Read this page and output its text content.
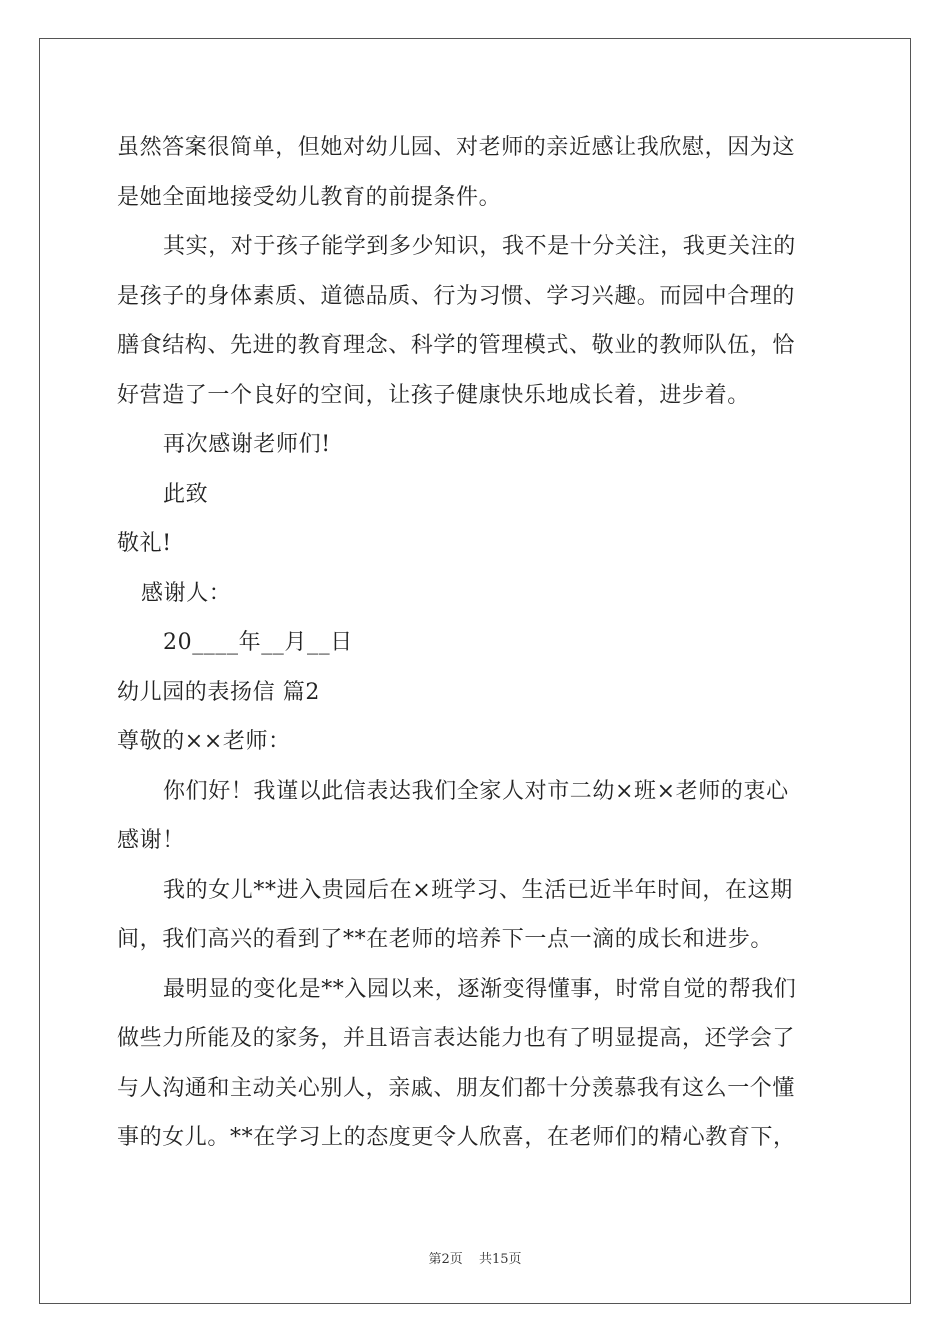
虽然答案很简单，但她对幼儿园、对老师的亲近感让我欣慰，因为这
是她全面地接受幼儿教育的前提条件。
其实，对于孩子能学到多少知识，我不是十分关注，我更关注的
是孩子的身体素质、道德品质、行为习惯、学习兴趣。而园中合理的
膳食结构、先进的教育理念、科学的管理模式、敬业的教师队伍，恰
好营造了一个良好的空间，让孩子健康快乐地成长着，进步着。
再次感谢老师们!
此致
敬礼!
感谢人：
20____年__月__日
幼儿园的表扬信 篇2
尊敬的××老师：
你们好！我谨以此信表达我们全家人对市二幼×班×老师的衷心
感谢！
我的女儿**进入贵园后在×班学习、生活已近半年时间，在这期
间，我们高兴的看到了**在老师的培养下一点一滴的成长和进步。
最明显的变化是**入园以来，逐渐变得懂事，时常自觉的帮我们
做些力所能及的家务，并且语言表达能力也有了明显提高，还学会了
与人沟通和主动关心别人，亲戚、朋友们都十分羡慕我有这么一个懂
事的女儿。**在学习上的态度更令人欣喜，在老师们的精心教育下，
第2页 共15页
